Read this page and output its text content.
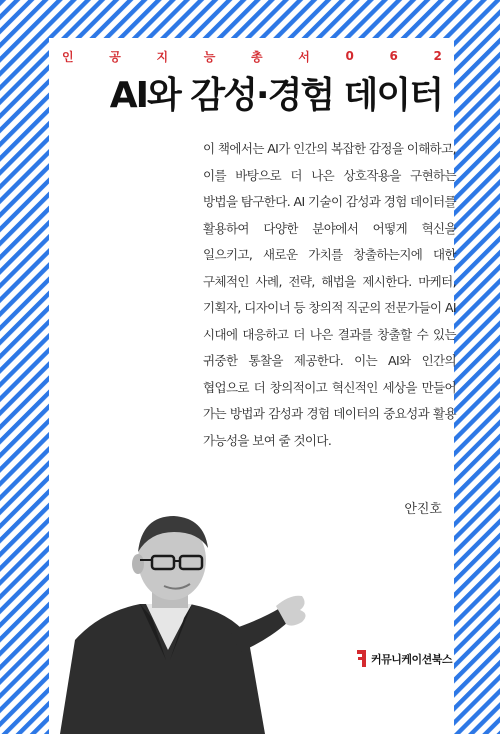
인	공	지	능	총	서	0	6	2
AI와 감성·경험 데이터

이 책에서는 AI가 인간의 복잡한 감정을 이해하고, 이를 바탕으로 더 나은 상호작용을 구현하는 방법을 탐구한다. AI 기술이 감성과 경험 데이터를 활용하여 다양한 분야에서 어떻게 혁신을 일으키고, 새로운 가치를 창출하는지에 대한 구체적인 사례, 전략, 해법을 제시한다. 마케터, 기획자, 디자이너 등 창의적 직군의 전문가들이 AI 시대에 대응하고 더 나은 결과를 창출할 수 있는 귀중한 통찰을 제공한다. 이는 AI와 인간의 협업으로 더 창의적이고 혁신적인 세상을 만들어 가는 방법과 감성과 경험 데이터의 중요성과 활용 가능성을 보여 줄 것이다.

안진호
커뮤니케이션북스
